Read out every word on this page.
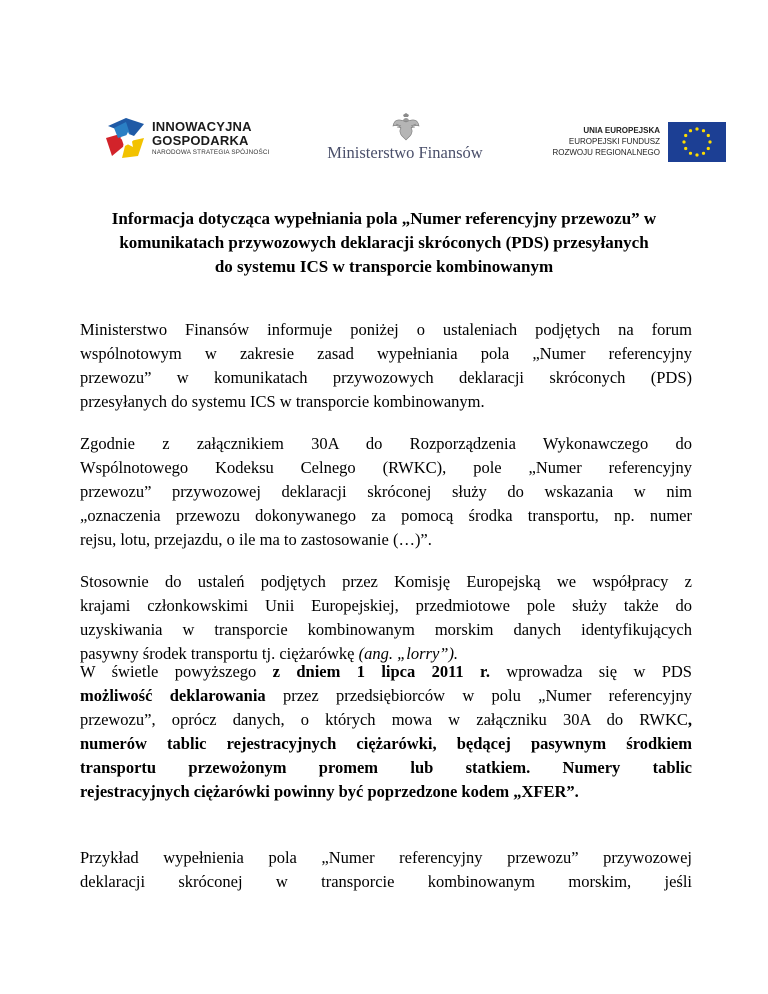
INNOWACYJNA
GOSPODARKA
NARODOWA STRATEGIA SPÓJNOŚCI	Ministerstwo Finansów
UNIA EUROPEJSKA
EUROPEJSKI FUNDUSZ
ROZWOJU REGIONALNEGO
Informacja dotycząca wypełniania pola „Numer referencyjny przewozu” w
komunikatach przywozowych deklaracji skróconych (PDS) przesyłanych
do systemu ICS w transporcie kombinowanym

Ministerstwo Finansów informuje poniżej o ustaleniach podjętych na forum
wspólnotowym w zakresie zasad wypełniania pola „Numer referencyjny
przewozu” w komunikatach przywozowych deklaracji skróconych (PDS)
przesyłanych do systemu ICS w transporcie kombinowanym.

Zgodnie z załącznikiem 30A do Rozporządzenia Wykonawczego do
Wspólnotowego Kodeksu Celnego (RWKC), pole „Numer referencyjny
przewozu” przywozowej deklaracji skróconej służy do wskazania w nim
„oznaczenia przewozu dokonywanego za pomocą środka transportu, np. numer
rejsu, lotu, przejazdu, o ile ma to zastosowanie (…)”.

Stosownie do ustaleń podjętych przez Komisję Europejską we współpracy z
krajami członkowskimi Unii Europejskiej, przedmiotowe pole służy także do
uzyskiwania w transporcie kombinowanym morskim danych identyfikujących
pasywny środek transportu tj. ciężarówkę (ang. „lorry”).

W świetle powyższego z dniem 1 lipca 2011 r. wprowadza się w PDS
możliwość deklarowania przez przedsiębiorców w polu „Numer referencyjny
przewozu”, oprócz danych, o których mowa w załączniku 30A do RWKC,
numerów tablic rejestracyjnych ciężarówki, będącej pasywnym środkiem
transportu przewożonym promem lub statkiem. Numery tablic
rejestracyjnych ciężarówki powinny być poprzedzone kodem „XFER”.

Przykład wypełnienia pola „Numer referencyjny przewozu” przywozowej
deklaracji skróconej w transporcie kombinowanym morskim, jeśli
